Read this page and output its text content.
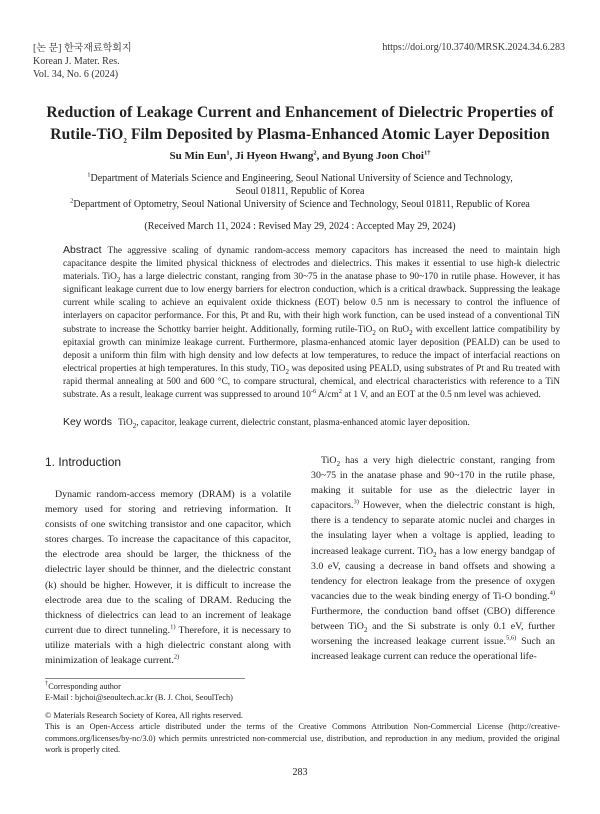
[논 문] 한국재료학회지
Korean J. Mater. Res.
Vol. 34, No. 6 (2024)
https://doi.org/10.3740/MRSK.2024.34.6.283
Reduction of Leakage Current and Enhancement of Dielectric Properties of
Rutile-TiO$_2$ Film Deposited by Plasma-Enhanced Atomic Layer Deposition
Su Min Eun$^1$, Ji Hyeon Hwang$^2$, and Byung Joon Choi$^{1\dagger}$
$^1$Department of Materials Science and Engineering, Seoul National University of Science and Technology,
Seoul 01811, Republic of Korea
$^2$Department of Optometry, Seoul National University of Science and Technology, Seoul 01811, Republic of Korea
(Received March 11, 2024 : Revised May 29, 2024 : Accepted May 29, 2024)
Abstract The aggressive scaling of dynamic random-access memory capacitors has increased the need to maintain high capacitance despite the limited physical thickness of electrodes and dielectrics. This makes it essential to use high-k dielectric materials. TiO$_2$ has a large dielectric constant, ranging from 30~75 in the anatase phase to 90~170 in rutile phase. However, it has significant leakage current due to low energy barriers for electron conduction, which is a critical drawback. Suppressing the leakage current while scaling to achieve an equivalent oxide thickness (EOT) below 0.5 nm is necessary to control the influence of interlayers on capacitor performance. For this, Pt and Ru, with their high work function, can be used instead of a conventional TiN substrate to increase the Schottky barrier height. Additionally, forming rutile-TiO$_2$ on RuO$_2$ with excellent lattice compatibility by epitaxial growth can minimize leakage current. Furthermore, plasma-enhanced atomic layer deposition (PEALD) can be used to deposit a uniform thin film with high density and low defects at low temperatures, to reduce the impact of interfacial reactions on electrical properties at high temperatures. In this study, TiO$_2$ was deposited using PEALD, using substrates of Pt and Ru treated with rapid thermal annealing at 500 and 600 °C, to compare structural, chemical, and electrical characteristics with reference to a TiN substrate. As a result, leakage current was suppressed to around $10^{-6}$ $A/cm^2$ at 1 V, and an EOT at the 0.5 nm level was achieved.
Key words TiO$_2$, capacitor, leakage current, dielectric constant, plasma-enhanced atomic layer deposition.
1. Introduction

Dynamic random-access memory (DRAM) is a volatile memory used for storing and retrieving information. It consists of one switching transistor and one capacitor, which stores charges. To increase the capacitance of this capacitor, the electrode area should be larger, the thickness of the dielectric layer should be thinner, and the dielectric constant (k) should be higher. However, it is difficult to increase the electrode area due to the scaling of DRAM. Reducing the thickness of dielectrics can lead to an increment of leakage current due to direct tunneling.$^{1)}$ Therefore, it is necessary to utilize materials with a high dielectric constant along with minimization of leakage current.$^{2)}$

TiO$_2$ has a very high dielectric constant, ranging from 30~75 in the anatase phase and 90~170 in the rutile phase, making it suitable for use as the dielectric layer in capacitors.$^{3)}$ However, when the dielectric constant is high, there is a tendency to separate atomic nuclei and charges in the insulating layer when a voltage is applied, leading to increased leakage current. TiO$_2$ has a low energy bandgap of 3.0 eV, causing a decrease in band offsets and showing a tendency for electron leakage from the presence of oxygen vacancies due to the weak binding energy of Ti-O bonding.$^{4)}$ Furthermore, the conduction band offset (CBO) difference between TiO$_2$ and the Si substrate is only 0.1 eV, further worsening the increased leakage current issue.$^{5,6)}$ Such an increased leakage current can reduce the operational life-

†Corresponding author
E-Mail : bjchoi@seoultech.ac.kr (B. J. Choi, SeoulTech)
© Materials Research Society of Korea, All rights reserved.
This is an Open-Access article distributed under the terms of the Creative Commons Attribution Non-Commercial License (http://creative-commons.org/licenses/by-nc/3.0) which permits unrestricted non-commercial use, distribution, and reproduction in any medium, provided the original work is properly cited.
283
